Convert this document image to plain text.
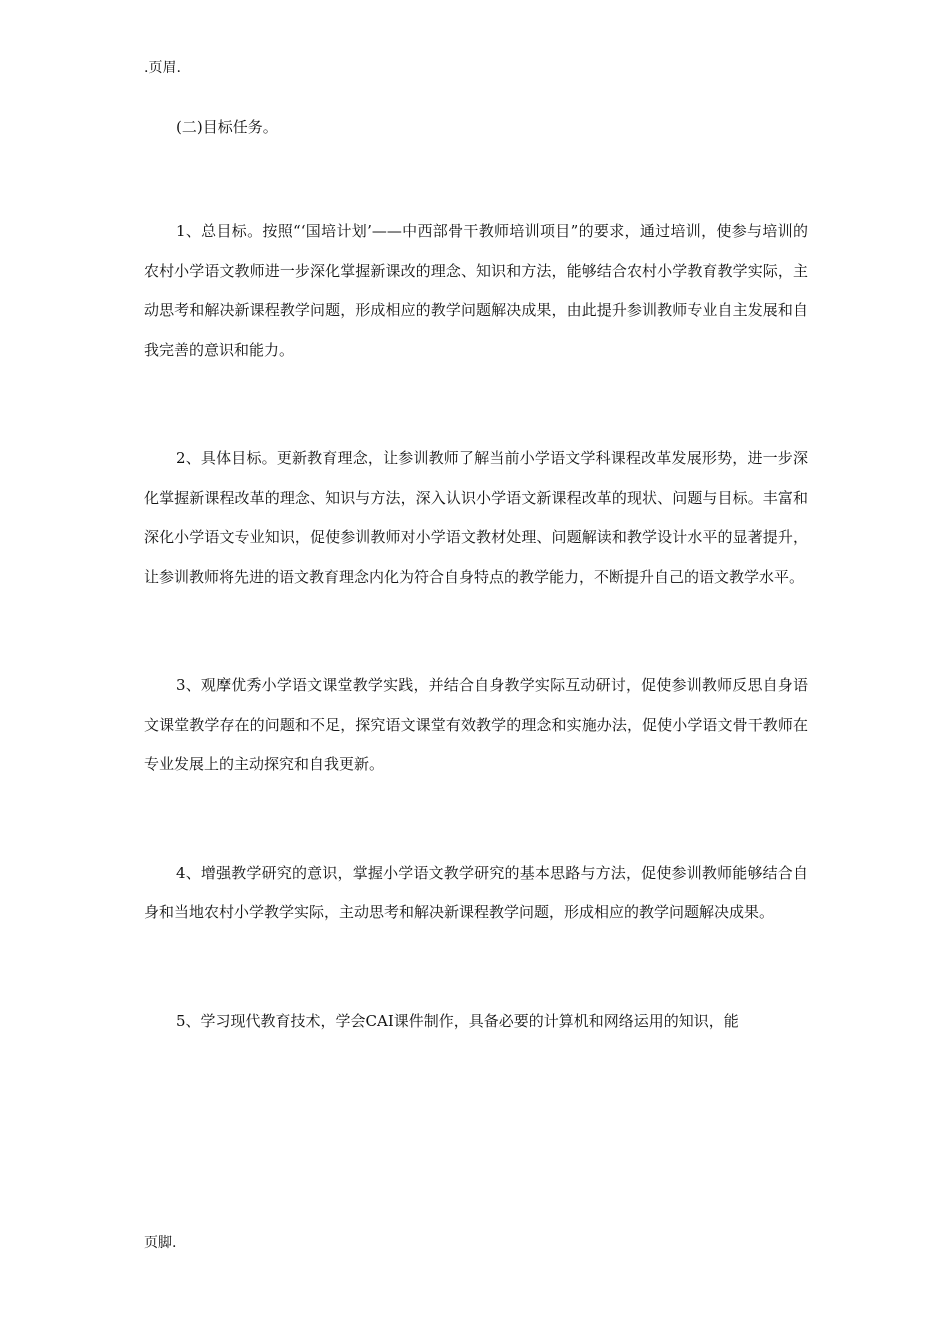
.页眉.

(二)目标任务。

1、总目标。按照“‘国培计划’——中西部骨干教师培训项目”的要求，通过培训，使参与培训的农村小学语文教师进一步深化掌握新课改的理念、知识和方法，能够结合农村小学教育教学实际，主动思考和解决新课程教学问题，形成相应的教学问题解决成果，由此提升参训教师专业自主发展和自我完善的意识和能力。

2、具体目标。更新教育理念，让参训教师了解当前小学语文学科课程改革发展形势，进一步深化掌握新课程改革的理念、知识与方法，深入认识小学语文新课程改革的现状、问题与目标。丰富和深化小学语文专业知识，促使参训教师对小学语文教材处理、问题解读和教学设计水平的显著提升，让参训教师将先进的语文教育理念内化为符合自身特点的教学能力，不断提升自己的语文教学水平。

3、观摩优秀小学语文课堂教学实践，并结合自身教学实际互动研讨，促使参训教师反思自身语文课堂教学存在的问题和不足，探究语文课堂有效教学的理念和实施办法，促使小学语文骨干教师在专业发展上的主动探究和自我更新。

4、增强教学研究的意识，掌握小学语文教学研究的基本思路与方法，促使参训教师能够结合自身和当地农村小学教学实际，主动思考和解决新课程教学问题，形成相应的教学问题解决成果。

5、学习现代教育技术，学会CAI课件制作，具备必要的计算机和网络运用的知识，能

页脚.
